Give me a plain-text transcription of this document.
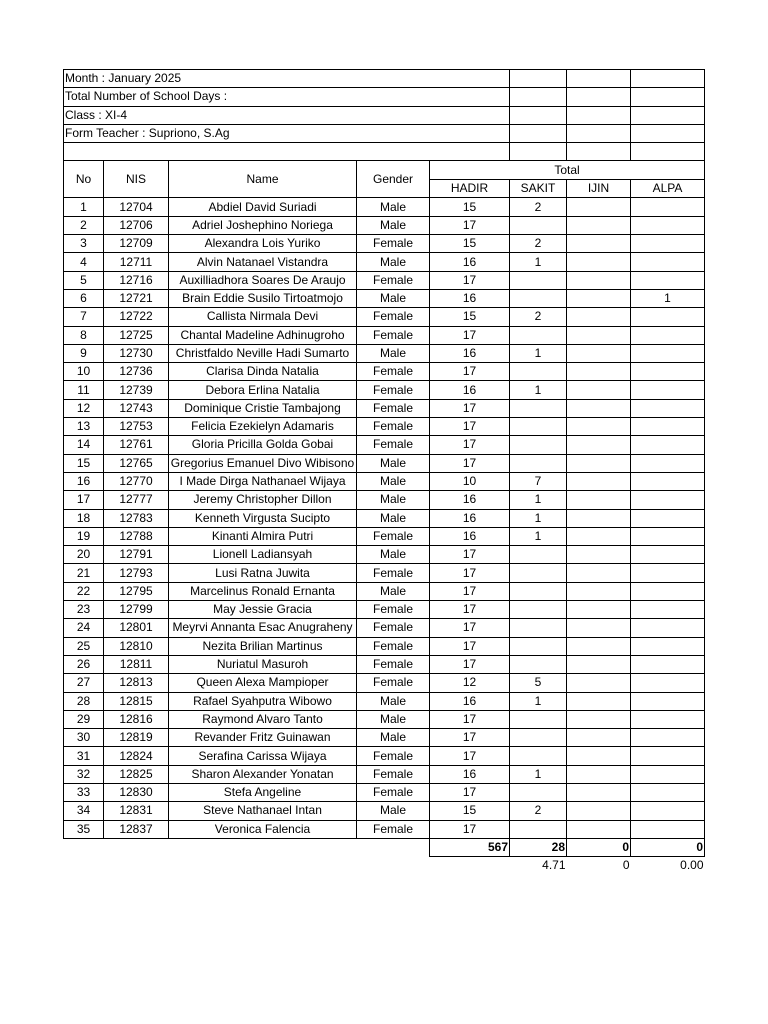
Month : January 2025							
Total Number of School Days :							
Class : XI-4							
Form Teacher : Supriono, S.Ag							

No	NIS	Name	Gender	Total			
				HADIR	SAKIT	IJIN	ALPA
1	12704	Abdiel David Suriadi	Male	15	2		
2	12706	Adriel Joshephino Noriega	Male	17			
3	12709	Alexandra Lois Yuriko	Female	15	2		
4	12711	Alvin Natanael Vistandra	Male	16	1		
5	12716	Auxilliadhora Soares De Araujo	Female	17			
6	12721	Brain Eddie Susilo Tirtoatmojo	Male	16			1
7	12722	Callista Nirmala Devi	Female	15	2		
8	12725	Chantal Madeline Adhinugroho	Female	17			
9	12730	Christfaldo Neville Hadi Sumarto	Male	16	1		
10	12736	Clarisa Dinda Natalia	Female	17			
11	12739	Debora Erlina Natalia	Female	16	1		
12	12743	Dominique Cristie Tambajong	Female	17			
13	12753	Felicia Ezekielyn Adamaris	Female	17			
14	12761	Gloria Pricilla Golda Gobai	Female	17			
15	12765	Gregorius Emanuel Divo Wibisono	Male	17			
16	12770	I Made Dirga Nathanael Wijaya	Male	10	7		
17	12777	Jeremy Christopher Dillon	Male	16	1		
18	12783	Kenneth Virgusta Sucipto	Male	16	1		
19	12788	Kinanti Almira Putri	Female	16	1		
20	12791	Lionell Ladiansyah	Male	17			
21	12793	Lusi Ratna Juwita	Female	17			
22	12795	Marcelinus Ronald Ernanta	Male	17			
23	12799	May Jessie Gracia	Female	17			
24	12801	Meyrvi Annanta Esac Anugraheny	Female	17			
25	12810	Nezita Brilian Martinus	Female	17			
26	12811	Nuriatul Masuroh	Female	17			
27	12813	Queen Alexa Mampioper	Female	12	5		
28	12815	Rafael Syahputra Wibowo	Male	16	1		
29	12816	Raymond Alvaro Tanto	Male	17			
30	12819	Revander Fritz Guinawan	Male	17			
31	12824	Serafina Carissa Wijaya	Female	17			
32	12825	Sharon Alexander Yonatan	Female	16	1		
33	12830	Stefa Angeline	Female	17			
34	12831	Steve Nathanael Intan	Male	15	2		
35	12837	Veronica Falencia	Female	17			
				567	28	0	0
					4.71	0	0.00
